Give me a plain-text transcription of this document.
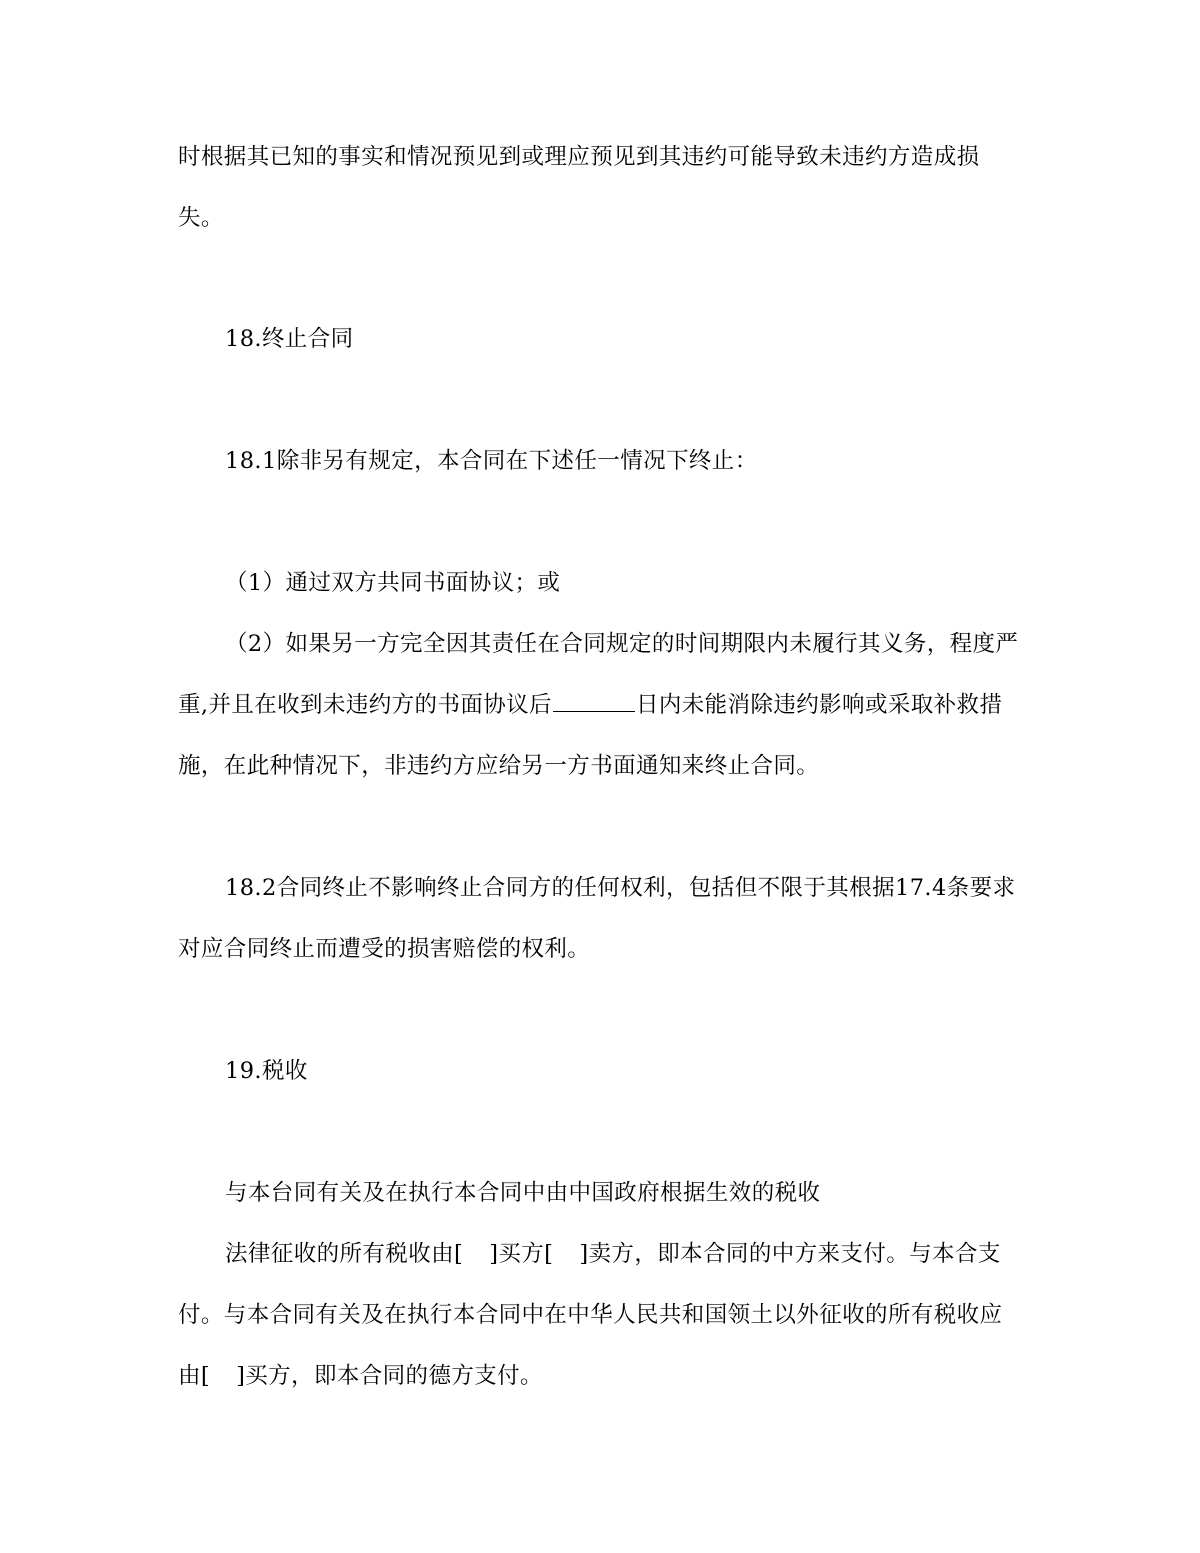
时根据其已知的事实和情况预见到或理应预见到其违约可能导致未违约方造成损
失。
18.终止合同
18.1除非另有规定，本合同在下述任一情况下终止：
（1）通过双方共同书面协议；或
（2）如果另一方完全因其责任在合同规定的时间期限内未履行其义务，程度严
重,并且在收到未违约方的书面协议后	日内未能消除违约影响或采取补救措
施，在此种情况下，非违约方应给另一方书面通知来终止合同。
18.2合同终止不影响终止合同方的任何权利，包括但不限于其根据17.4条要求
对应合同终止而遭受的损害赔偿的权利。
19.税收
与本台同有关及在执行本合同中由中国政府根据生效的税收
法律征收的所有税收由[ ]买方[ ]卖方，即本合同的中方来支付。与本合支
付。与本合同有关及在执行本合同中在中华人民共和国领土以外征收的所有税收应
由[ ]买方，即本合同的德方支付。
